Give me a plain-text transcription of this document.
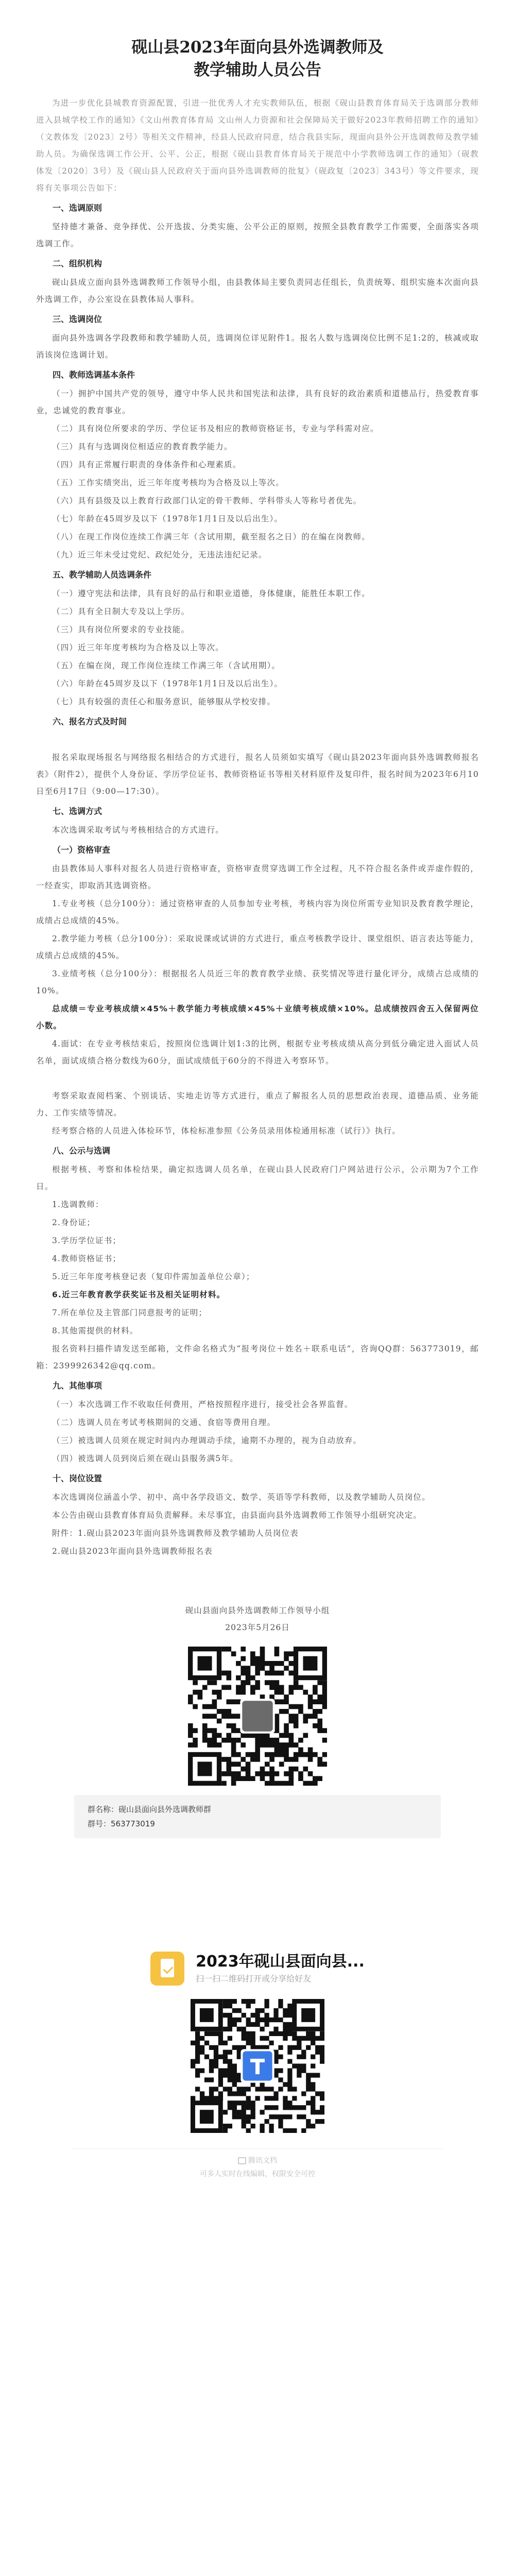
砚山县2023年面向县外选调教师及
教学辅助人员公告

为进一步优化县城教育资源配置，引进一批优秀人才充实教师队伍，根据《砚山县教育体育局关于选调部分教师进入县城学校工作的通知》《文山州教育体育局 文山州人力资源和社会保障局关于做好2023年教师招聘工作的通知》（文教体发〔2023〕2号）等相关文件精神，经县人民政府同意，结合我县实际，现面向县外公开选调教师及教学辅助人员。为确保选调工作公开、公平、公正，根据《砚山县教育体育局关于规范中小学教师选调工作的通知》（砚教体发〔2020〕3号）及《砚山县人民政府关于面向县外选调教师的批复》（砚政复〔2023〕343号）等文件要求，现将有关事项公告如下：

一、选调原则

坚持德才兼备、竞争择优、公开选拔、分类实施、公平公正的原则，按照全县教育教学工作需要，全面落实各项选调工作。

二、组织机构

砚山县成立面向县外选调教师工作领导小组，由县教体局主要负责同志任组长，负责统筹、组织实施本次面向县外选调工作，办公室设在县教体局人事科。

三、选调岗位

面向县外选调各学段教师和教学辅助人员，选调岗位详见附件1。报名人数与选调岗位比例不足1:2的，核减或取消该岗位选调计划。

四、教师选调基本条件

（一）拥护中国共产党的领导，遵守中华人民共和国宪法和法律，具有良好的政治素质和道德品行，热爱教育事业，忠诚党的教育事业。

（二）具有岗位所要求的学历、学位证书及相应的教师资格证书，专业与学科需对应。

（三）具有与选调岗位相适应的教育教学能力。

（四）具有正常履行职责的身体条件和心理素质。

（五）工作实绩突出，近三年年度考核均为合格及以上等次。

（六）具有县级及以上教育行政部门认定的骨干教师、学科带头人等称号者优先。

（七）年龄在45周岁及以下（1978年1月1日及以后出生）。

（八）在现工作岗位连续工作满三年（含试用期，截至报名之日）的在编在岗教师。

（九）近三年未受过党纪、政纪处分，无违法违纪记录。

五、教学辅助人员选调条件

（一）遵守宪法和法律，具有良好的品行和职业道德，身体健康，能胜任本职工作。

（二）具有全日制大专及以上学历。

（三）具有岗位所要求的专业技能。

（四）近三年年度考核均为合格及以上等次。

（五）在编在岗，现工作岗位连续工作满三年（含试用期）。

（六）年龄在45周岁及以下（1978年1月1日及以后出生）。

（七）具有较强的责任心和服务意识，能够服从学校安排。

六、报名方式及时间

报名采取现场报名与网络报名相结合的方式进行，报名人员须如实填写《砚山县2023年面向县外选调教师报名表》（附件2），提供个人身份证、学历学位证书、教师资格证书等相关材料原件及复印件，报名时间为2023年6月10日至6月17日（9:00—17:30）。

七、选调方式

本次选调采取考试与考核相结合的方式进行。

（一）资格审查

由县教体局人事科对报名人员进行资格审查，资格审查贯穿选调工作全过程，凡不符合报名条件或弄虚作假的，一经查实，即取消其选调资格。

1.专业考核（总分100分）：通过资格审查的人员参加专业考核，考核内容为岗位所需专业知识及教育教学理论，成绩占总成绩的45%。

2.教学能力考核（总分100分）：采取说课或试讲的方式进行，重点考核教学设计、课堂组织、语言表达等能力，成绩占总成绩的45%。

3.业绩考核（总分100分）：根据报名人员近三年的教育教学业绩、获奖情况等进行量化评分，成绩占总成绩的10%。

总成绩＝专业考核成绩×45%＋教学能力考核成绩×45%＋业绩考核成绩×10%。总成绩按四舍五入保留两位小数。

4.面试：在专业考核结束后，按照岗位选调计划1:3的比例，根据专业考核成绩从高分到低分确定进入面试人员名单，面试成绩合格分数线为60分，面试成绩低于60分的不得进入考察环节。

考察采取查阅档案、个别谈话、实地走访等方式进行，重点了解报名人员的思想政治表现、道德品质、业务能力、工作实绩等情况。

经考察合格的人员进入体检环节，体检标准参照《公务员录用体检通用标准（试行）》执行。

八、公示与选调

根据考核、考察和体检结果，确定拟选调人员名单，在砚山县人民政府门户网站进行公示，公示期为7个工作日。

1.选调教师：

2.身份证；

3.学历学位证书；

4.教师资格证书；

5.近三年年度考核登记表（复印件需加盖单位公章）；

6.近三年教育教学获奖证书及相关证明材料。

7.所在单位及主管部门同意报考的证明；

8.其他需提供的材料。

报名资料扫描件请发送至邮箱，文件命名格式为“报考岗位＋姓名＋联系电话”，咨询QQ群：563773019，邮箱：2399926342@qq.com。

九、其他事项

（一）本次选调工作不收取任何费用，严格按照程序进行，接受社会各界监督。

（二）选调人员在考试考核期间的交通、食宿等费用自理。

（三）被选调人员须在规定时间内办理调动手续，逾期不办理的，视为自动放弃。

（四）被选调人员到岗后须在砚山县服务满5年。

十、岗位设置

本次选调岗位涵盖小学、初中、高中各学段语文、数学、英语等学科教师，以及教学辅助人员岗位。

本公告由砚山县教育体育局负责解释。未尽事宜，由县面向县外选调教师工作领导小组研究决定。

附件：1.砚山县2023年面向县外选调教师及教学辅助人员岗位表

2.砚山县2023年面向县外选调教师报名表

砚山县面向县外选调教师工作领导小组
2023年5月26日
群名称：砚山县面向县外选调教师群
群号：563773019
2023年砚山县面向县...
扫一扫二维码打开或分享给好友
腾讯文档
可多人实时在线编辑，权限安全可控
